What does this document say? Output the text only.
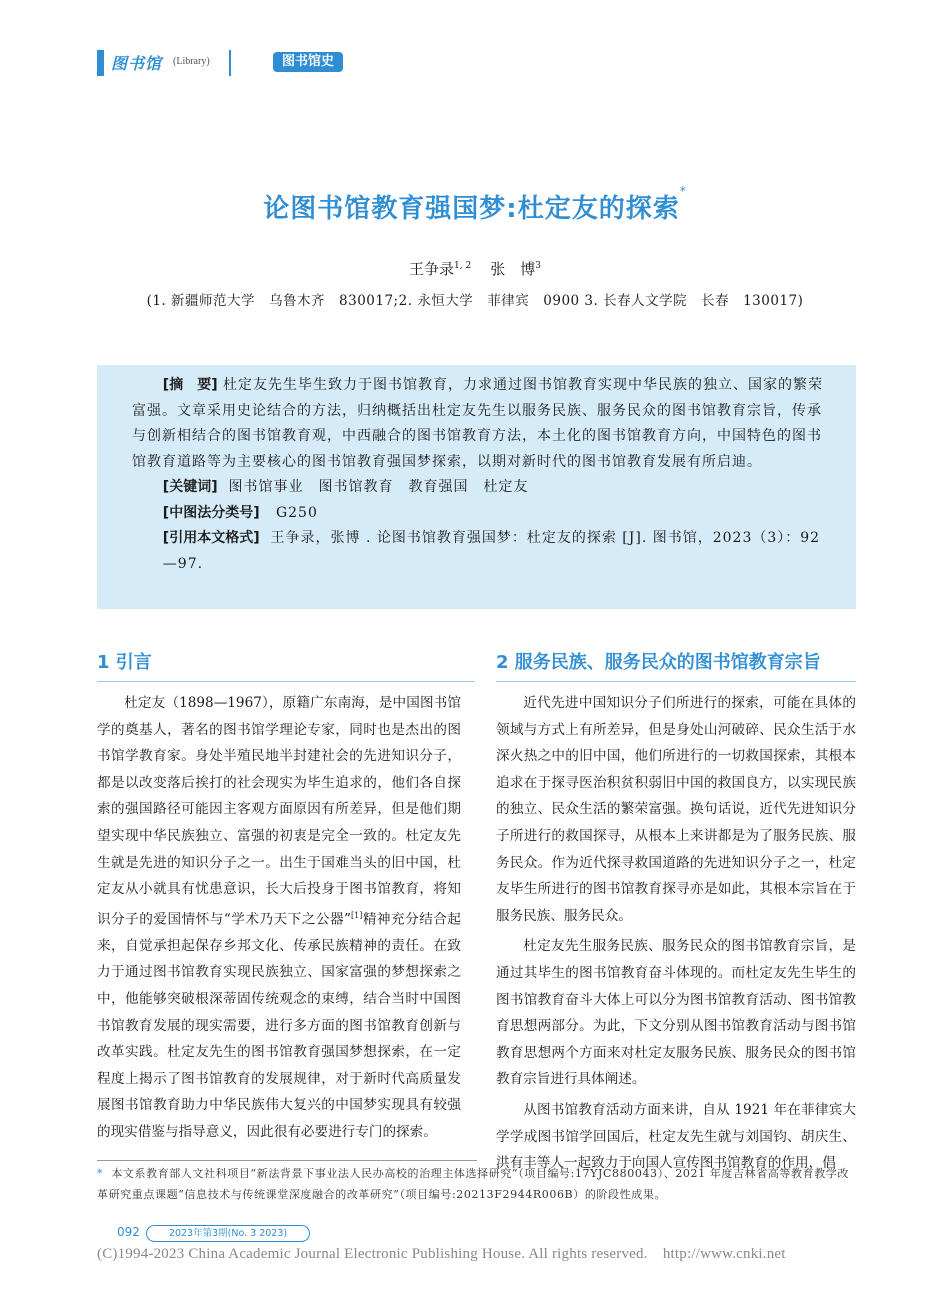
图书馆 (Library)	图书馆史
论图书馆教育强国梦:杜定友的探索*
王争录$^{1, 2}$ 张　博$^3$
(1. 新疆师范大学　乌鲁木齐　830017;2. 永恒大学　菲律宾　0900 3. 长春人文学院　长春　130017)

[摘　要] 杜定友先生毕生致力于图书馆教育，力求通过图书馆教育实现中华民族的独立、国家的繁荣富强。文章采用史论结合的方法，归纳概括出杜定友先生以服务民族、服务民众的图书馆教育宗旨，传承与创新相结合的图书馆教育观，中西融合的图书馆教育方法，本土化的图书馆教育方向，中国特色的图书馆教育道路等为主要核心的图书馆教育强国梦探索，以期对新时代的图书馆教育发展有所启迪。

[关键词] 图书馆事业　图书馆教育　教育强国　杜定友

[中图法分类号] G250

[引用本文格式] 王争录，张博 . 论图书馆教育强国梦：杜定友的探索 [J]. 图书馆，2023（3）：92—97.

1 引言	2 服务民族、服务民众的图书馆教育宗旨

杜定友（1898—1967），原籍广东南海，是中国图书馆学的奠基人，著名的图书馆学理论专家，同时也是杰出的图书馆学教育家。身处半殖民地半封建社会的先进知识分子，都是以改变落后挨打的社会现实为毕生追求的，他们各自探索的强国路径可能因主客观方面原因有所差异，但是他们期望实现中华民族独立、富强的初衷是完全一致的。杜定友先生就是先进的知识分子之一。出生于国难当头的旧中国，杜定友从小就具有忧患意识，长大后投身于图书馆教育，将知识分子的爱国情怀与“学术乃天下之公器”[1]精神充分结合起来，自觉承担起保存乡邦文化、传承民族精神的责任。在致力于通过图书馆教育实现民族独立、国家富强的梦想探索之中，他能够突破根深蒂固传统观念的束缚，结合当时中国图书馆教育发展的现实需要，进行多方面的图书馆教育创新与改革实践。杜定友先生的图书馆教育强国梦想探索，在一定程度上揭示了图书馆教育的发展规律，对于新时代高质量发展图书馆教育助力中华民族伟大复兴的中国梦实现具有较强的现实借鉴与指导意义，因此很有必要进行专门的探索。

近代先进中国知识分子们所进行的探索，可能在具体的领域与方式上有所差异，但是身处山河破碎、民众生活于水深火热之中的旧中国，他们所进行的一切救国探索，其根本追求在于探寻医治积贫积弱旧中国的救国良方，以实现民族的独立、民众生活的繁荣富强。换句话说，近代先进知识分子所进行的救国探寻，从根本上来讲都是为了服务民族、服务民众。作为近代探寻救国道路的先进知识分子之一，杜定友毕生所进行的图书馆教育探寻亦是如此，其根本宗旨在于服务民族、服务民众。

杜定友先生服务民族、服务民众的图书馆教育宗旨，是通过其毕生的图书馆教育奋斗体现的。而杜定友先生毕生的图书馆教育奋斗大体上可以分为图书馆教育活动、图书馆教育思想两部分。为此，下文分别从图书馆教育活动与图书馆教育思想两个方面来对杜定友服务民族、服务民众的图书馆教育宗旨进行具体阐述。

从图书馆教育活动方面来讲，自从 1921 年在菲律宾大学学成图书馆学回国后，杜定友先生就与刘国钧、胡庆生、洪有丰等人一起致力于向国人宣传图书馆教育的作用，倡

* 本文系教育部人文社科项目“新法背景下事业法人民办高校的治理主体选择研究”（项目编号:17YJC880043）、2021 年度吉林省高等教育教学改革研究重点课题“信息技术与传统课堂深度融合的改革研究”（项目编号:20213F2944R006B）的阶段性成果。
092	2023年第3期(No. 3 2023)
(C)1994-2023 China Academic Journal Electronic Publishing House. All rights reserved.　http://www.cnki.net
